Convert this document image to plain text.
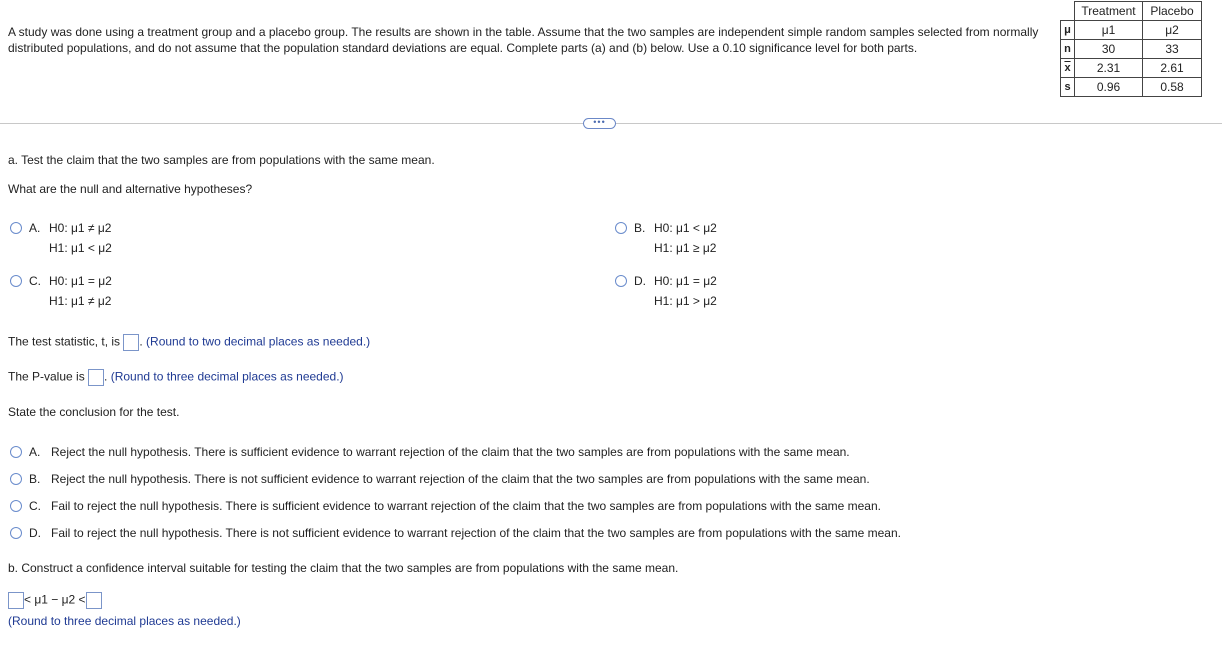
A study was done using a treatment group and a placebo group. The results are shown in the table. Assume that the two samples are independent simple random samples selected from normally distributed populations, and do not assume that the population standard deviations are equal. Complete parts (a) and (b) below. Use a 0.10 significance level for both parts.
	Treatment	Placebo
μ	μ1	μ2
n	30	33
$\overline{x}$	2.31	2.61
s	0.96	0.58
•••
a. Test the claim that the two samples are from populations with the same mean.
What are the null and alternative hypotheses?
A. H0: μ1 ≠ μ2
H1: μ1 < μ2
B. H0: μ1 < μ2
H1: μ1 ≥ μ2
C. H0: μ1 = μ2
H1: μ1 ≠ μ2
D. H0: μ1 = μ2
H1: μ1 > μ2
The test statistic, t, is . (Round to two decimal places as needed.)
The P-value is . (Round to three decimal places as needed.)
State the conclusion for the test.
A. Reject the null hypothesis. There is sufficient evidence to warrant rejection of the claim that the two samples are from populations with the same mean.
B. Reject the null hypothesis. There is not sufficient evidence to warrant rejection of the claim that the two samples are from populations with the same mean.
C. Fail to reject the null hypothesis. There is sufficient evidence to warrant rejection of the claim that the two samples are from populations with the same mean.
D. Fail to reject the null hypothesis. There is not sufficient evidence to warrant rejection of the claim that the two samples are from populations with the same mean.
b. Construct a confidence interval suitable for testing the claim that the two samples are from populations with the same mean.
< μ1 − μ2 <
(Round to three decimal places as needed.)
